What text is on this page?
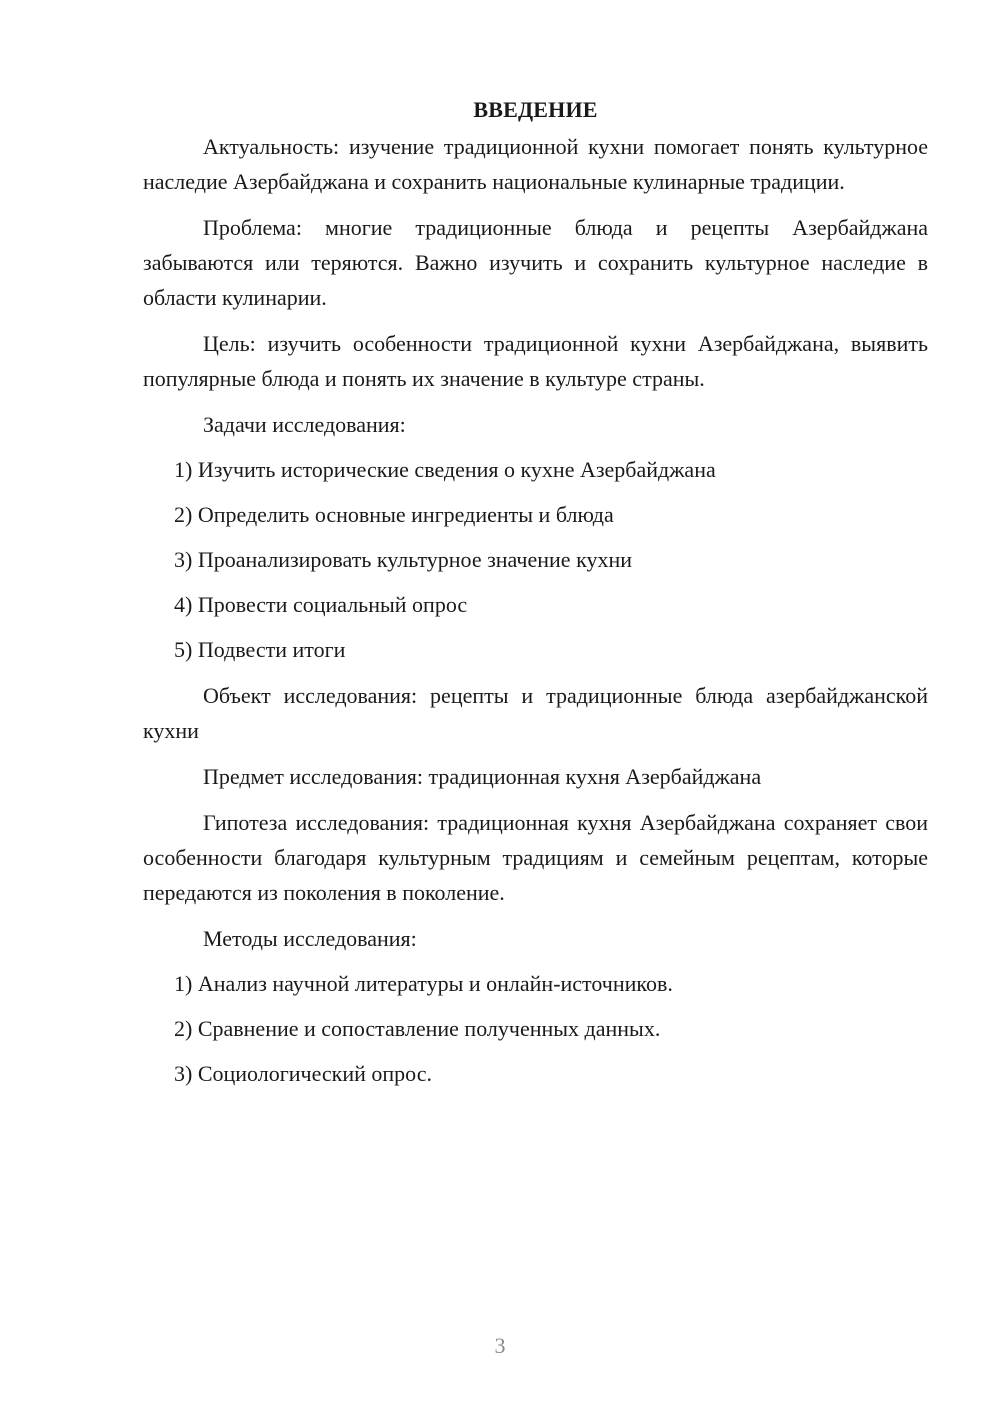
ВВЕДЕНИЕ

Актуальность: изучение традиционной кухни помогает понять культурное наследие Азербайджана и сохранить национальные кулинарные традиции.

Проблема: многие традиционные блюда и рецепты Азербайджана забываются или теряются. Важно изучить и сохранить культурное наследие в области кулинарии.

Цель: изучить особенности традиционной кухни Азербайджана, выявить популярные блюда и понять их значение в культуре страны.

Задачи исследования:

1) Изучить исторические сведения о кухне Азербайджана
2) Определить основные ингредиенты и блюда
3) Проанализировать культурное значение кухни
4) Провести социальный опрос
5) Подвести итоги

Объект исследования: рецепты и традиционные блюда азербайджанской кухни

Предмет исследования: традиционная кухня Азербайджана

Гипотеза исследования: традиционная кухня Азербайджана сохраняет свои особенности благодаря культурным традициям и семейным рецептам, которые передаются из поколения в поколение.

Методы исследования:

1) Анализ научной литературы и онлайн-источников.
2) Сравнение и сопоставление полученных данных.
3) Социологический опрос.
3
